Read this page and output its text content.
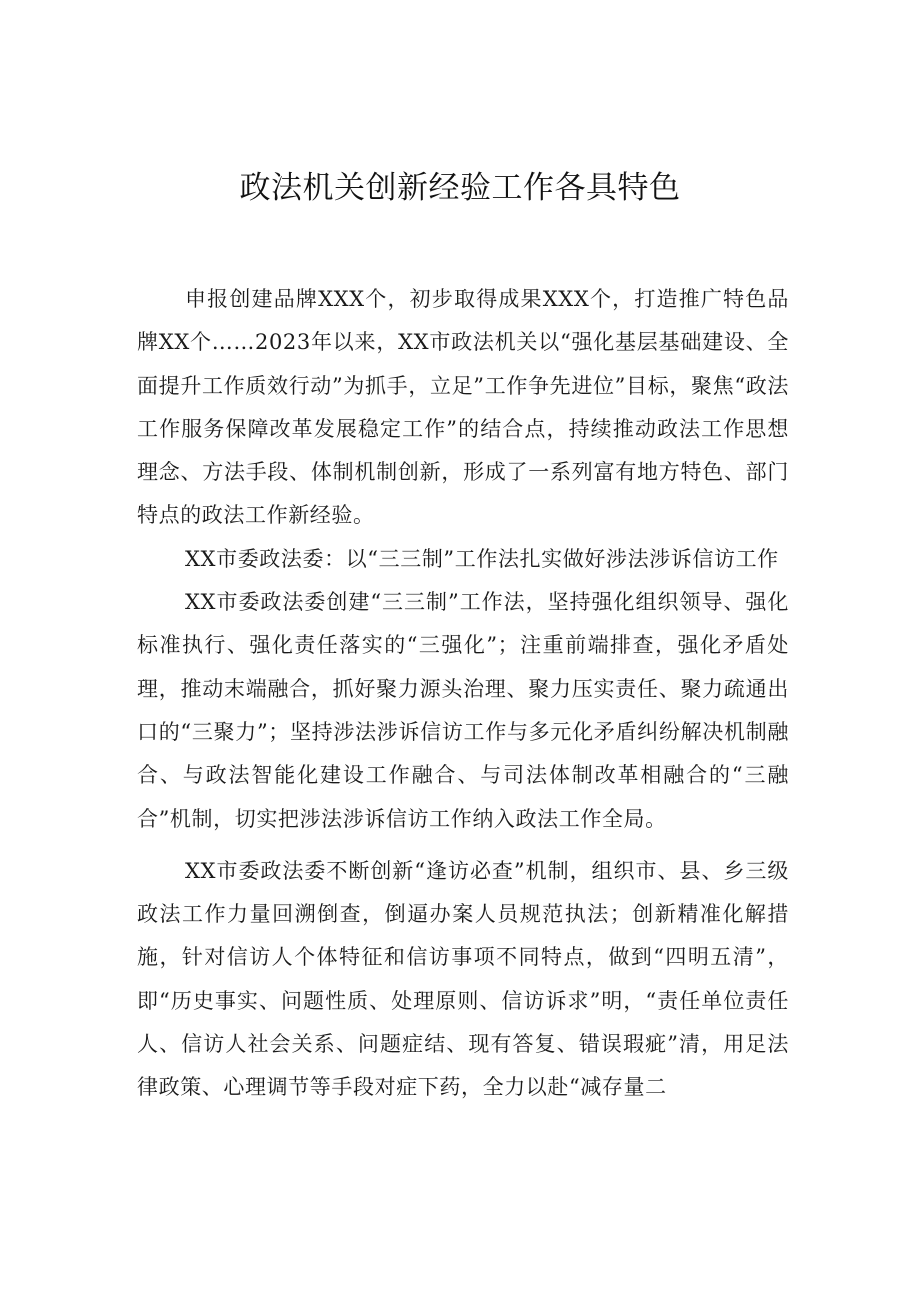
政法机关创新经验工作各具特色

申报创建品牌XXX个，初步取得成果XXX个，打造推广特色品牌XX个……2023年以来，XX市政法机关以“强化基层基础建设、全面提升工作质效行动”为抓手，立足”工作争先进位”目标，聚焦“政法工作服务保障改革发展稳定工作”的结合点，持续推动政法工作思想理念、方法手段、体制机制创新，形成了一系列富有地方特色、部门特点的政法工作新经验。

XX市委政法委：以“三三制”工作法扎实做好涉法涉诉信访工作

XX市委政法委创建“三三制”工作法，坚持强化组织领导、强化标准执行、强化责任落实的“三强化”；注重前端排查，强化矛盾处理，推动末端融合，抓好聚力源头治理、聚力压实责任、聚力疏通出口的“三聚力”；坚持涉法涉诉信访工作与多元化矛盾纠纷解决机制融合、与政法智能化建设工作融合、与司法体制改革相融合的“三融合”机制，切实把涉法涉诉信访工作纳入政法工作全局。

XX市委政法委不断创新“逢访必查”机制，组织市、县、乡三级政法工作力量回溯倒查，倒逼办案人员规范执法；创新精准化解措施，针对信访人个体特征和信访事项不同特点，做到“四明五清”，即“历史事实、问题性质、处理原则、信访诉求”明，“责任单位责任人、信访人社会关系、问题症结、现有答复、错误瑕疵”清，用足法律政策、心理调节等手段对症下药，全力以赴“减存量二
